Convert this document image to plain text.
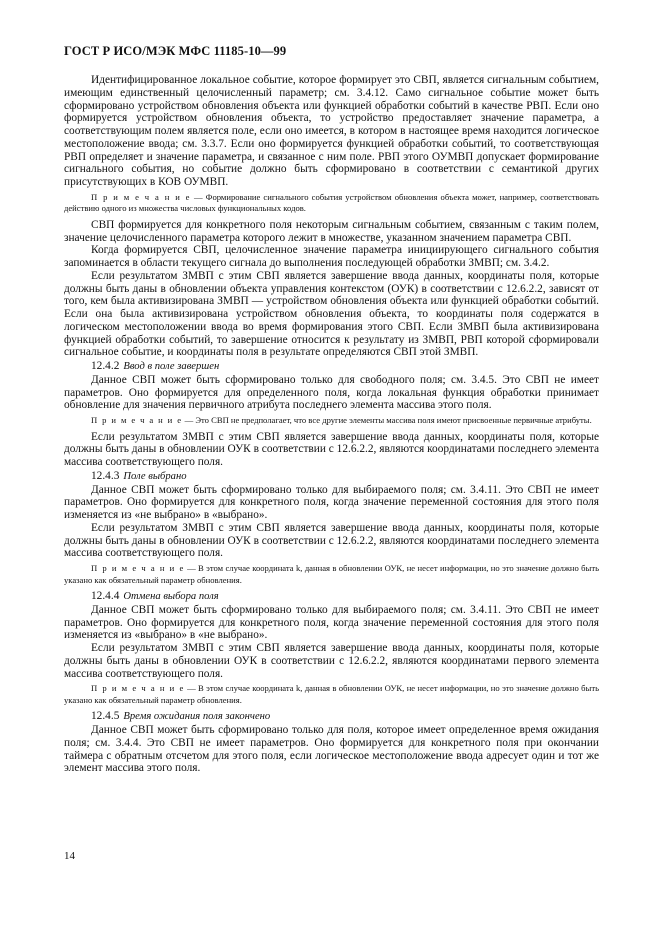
ГОСТ Р ИСО/МЭК МФС 11185-10—99

Идентифицированное локальное событие, которое формирует это СВП, является сигнальным событием, имеющим единственный целочисленный параметр; см. 3.4.12. Само сигнальное событие может быть сформировано устройством обновления объекта или функцией обработки событий в качестве РВП. Если оно формируется устройством обновления объекта, то устройство предоставляет значение параметра, а соответствующим полем является поле, если оно имеется, в котором в настоящее время находится логическое местоположение ввода; см. 3.3.7. Если оно формируется функцией обработки событий, то соответствующая РВП определяет и значение параметра, и связанное с ним поле. РВП этого ОУМВП допускает формирование сигнального события, но событие должно быть сформировано в соответствии с семантикой других присутствующих в КОВ ОУМВП.

П р и м е ч а н и е — Формирование сигнального события устройством обновления объекта может, например, соответствовать действию одного из множества числовых функциональных кодов.

СВП формируется для конкретного поля некоторым сигнальным событием, связанным с таким полем, значение целочисленного параметра которого лежит в множестве, указанном значением параметра СВП.

Когда формируется СВП, целочисленное значение параметра инициирующего сигнального события запоминается в области текущего сигнала до выполнения последующей обработки ЗМВП; см. 3.4.2.

Если результатом ЗМВП с этим СВП является завершение ввода данных, координаты поля, которые должны быть даны в обновлении объекта управления контекстом (ОУК) в соответствии с 12.6.2.2, зависят от того, кем была активизирована ЗМВП — устройством обновления объекта или функцией обработки событий. Если она была активизирована устройством обновления объекта, то координаты поля содержатся в логическом местоположении ввода во время формирования этого СВП. Если ЗМВП была активизирована функцией обработки событий, то завершение относится к результату из ЗМВП, РВП которой сформировали сигнальное событие, и координаты поля в результате определяются СВП этой ЗМВП.

12.4.2 Ввод в поле завершен

Данное СВП может быть сформировано только для свободного поля; см. 3.4.5. Это СВП не имеет параметров. Оно формируется для определенного поля, когда локальная функция обработки принимает обновление для значения первичного атрибута последнего элемента массива этого поля.

П р и м е ч а н и е — Это СВП не предполагает, что все другие элементы массива поля имеют присвоенные первичные атрибуты.

Если результатом ЗМВП с этим СВП является завершение ввода данных, координаты поля, которые должны быть даны в обновлении ОУК в соответствии с 12.6.2.2, являются координатами последнего элемента массива соответствующего поля.

12.4.3 Поле выбрано

Данное СВП может быть сформировано только для выбираемого поля; см. 3.4.11. Это СВП не имеет параметров. Оно формируется для конкретного поля, когда значение переменной состояния для этого поля изменяется из «не выбрано» в «выбрано».

Если результатом ЗМВП с этим СВП является завершение ввода данных, координаты поля, которые должны быть даны в обновлении ОУК в соответствии с 12.6.2.2, являются координатами последнего элемента массива соответствующего поля.

П р и м е ч а н и е — В этом случае координата k, данная в обновлении ОУК, не несет информации, но это значение должно быть указано как обязательный параметр обновления.

12.4.4 Отмена выбора поля

Данное СВП может быть сформировано только для выбираемого поля; см. 3.4.11. Это СВП не имеет параметров. Оно формируется для конкретного поля, когда значение переменной состояния для этого поля изменяется из «выбрано» в «не выбрано».

Если результатом ЗМВП с этим СВП является завершение ввода данных, координаты поля, которые должны быть даны в обновлении ОУК в соответствии с 12.6.2.2, являются координатами первого элемента массива соответствующего поля.

П р и м е ч а н и е — В этом случае координата k, данная в обновлении ОУК, не несет информации, но это значение должно быть указано как обязательный параметр обновления.

12.4.5 Время ожидания поля закончено

Данное СВП может быть сформировано только для поля, которое имеет определенное время ожидания поля; см. 3.4.4. Это СВП не имеет параметров. Оно формируется для конкретного поля при окончании таймера с обратным отсчетом для этого поля, если логическое местоположение ввода адресует один и тот же элемент массива этого поля.

14
